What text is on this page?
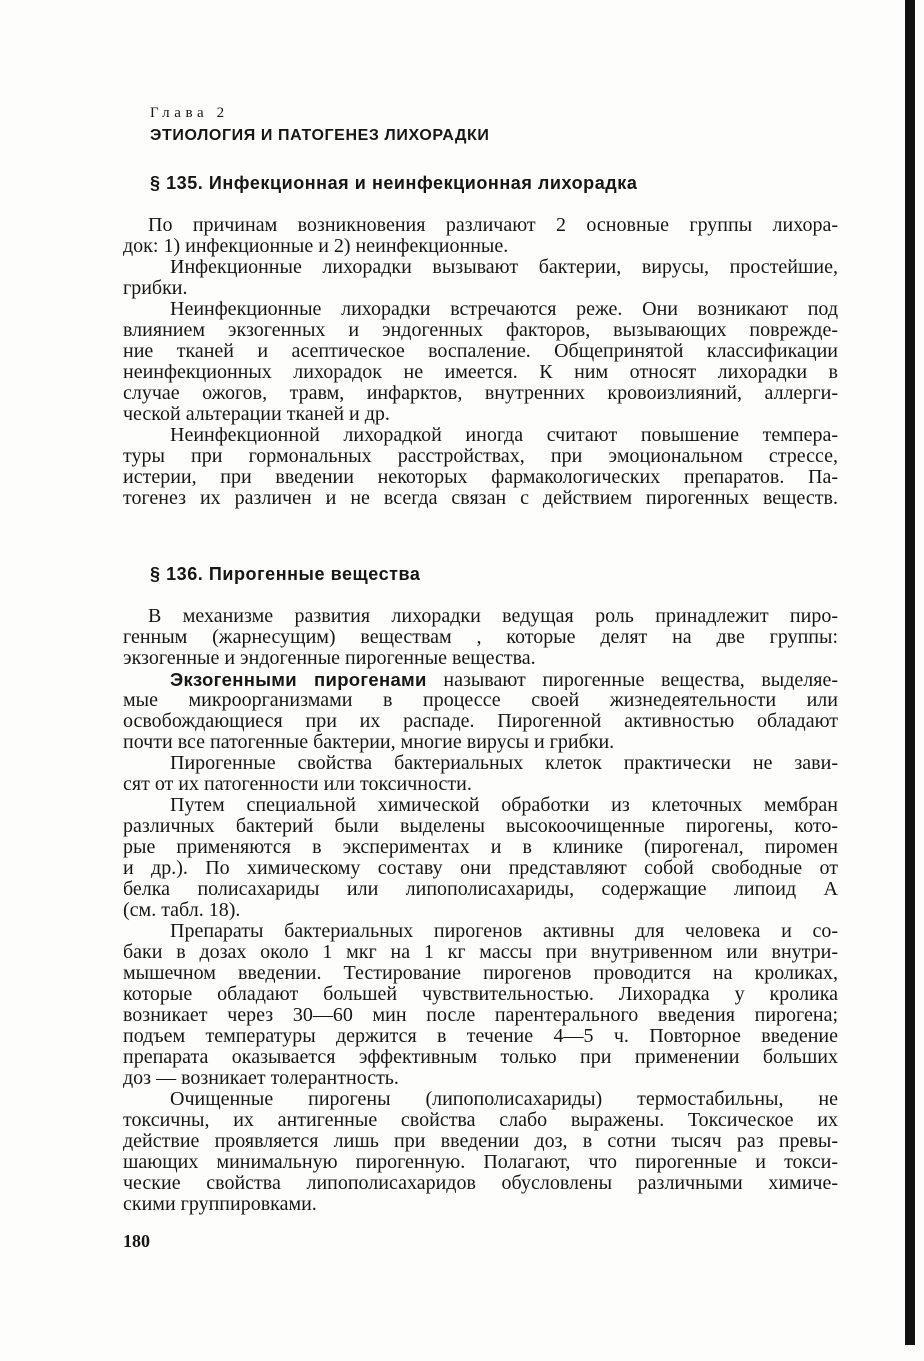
Глава 2
ЭТИОЛОГИЯ И ПАТОГЕНЕЗ ЛИХОРАДКИ
§ 135. Инфекционная и неинфекционная лихорадка
По причинам возникновения различают 2 основные группы лихора-
док: 1) инфекционные и 2) неинфекционные.
Инфекционные лихорадки вызывают бактерии, вирусы, простейшие,
грибки.
Неинфекционные лихорадки встречаются реже. Они возникают под
влиянием экзогенных и эндогенных факторов, вызывающих поврежде-
ние тканей и асептическое воспаление. Общепринятой классификации
неинфекционных лихорадок не имеется. К ним относят лихорадки в
случае ожогов, травм, инфарктов, внутренних кровоизлияний, аллерги-
ческой альтерации тканей и др.
Неинфекционной лихорадкой иногда считают повышение темпера-
туры при гормональных расстройствах, при эмоциональном стрессе,
истерии, при введении некоторых фармакологических препаратов. Па-
тогенез их различен и не всегда связан с действием пирогенных веществ.
§ 136. Пирогенные вещества
В механизме развития лихорадки ведущая роль принадлежит пиро-
генным (жарнесущим) веществам , которые делят на две группы:
экзогенные и эндогенные пирогенные вещества.
Экзогенными пирогенами называют пирогенные вещества, выделяе-
мые микроорганизмами в процессе своей жизнедеятельности или
освобождающиеся при их распаде. Пирогенной активностью обладают
почти все патогенные бактерии, многие вирусы и грибки.
Пирогенные свойства бактериальных клеток практически не зави-
сят от их патогенности или токсичности.
Путем специальной химической обработки из клеточных мембран
различных бактерий были выделены высокоочищенные пирогены, кото-
рые применяются в экспериментах и в клинике (пирогенал, пиромен
и др.). По химическому составу они представляют собой свободные от
белка полисахариды или липополисахариды, содержащие липоид А
(см. табл. 18).
Препараты бактериальных пирогенов активны для человека и со-
баки в дозах около 1 мкг на 1 кг массы при внутривенном или внутри-
мышечном введении. Тестирование пирогенов проводится на кроликах,
которые обладают большей чувствительностью. Лихорадка у кролика
возникает через 30—60 мин после парентерального введения пирогена;
подъем температуры держится в течение 4—5 ч. Повторное введение
препарата оказывается эффективным только при применении больших
доз — возникает толерантность.
Очищенные пирогены (липополисахариды) термостабильны, не
токсичны, их антигенные свойства слабо выражены. Токсическое их
действие проявляется лишь при введении доз, в сотни тысяч раз превы-
шающих минимальную пирогенную. Полагают, что пирогенные и токси-
ческие свойства липополисахаридов обусловлены различными химиче-
скими группировками.
180
